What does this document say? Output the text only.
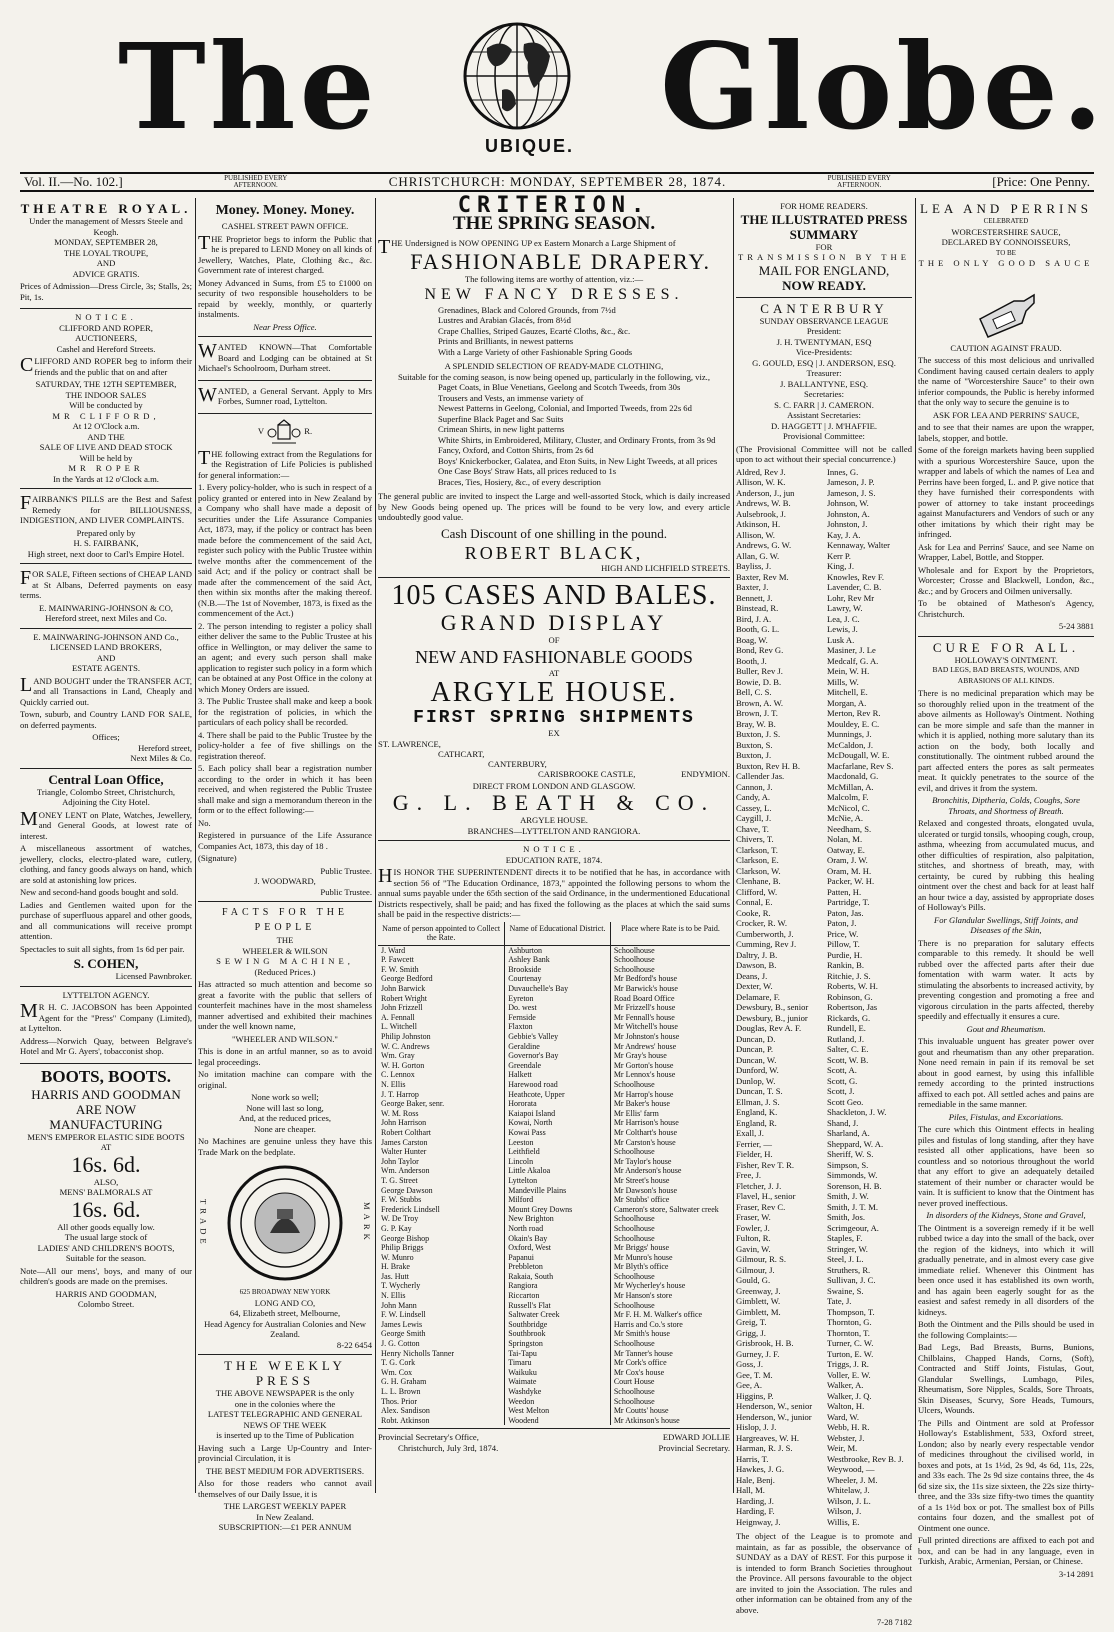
The	UBIQUE. Globe.
Vol. II.—No. 102.]	PUBLISHED EVERY AFTERNOON.	CHRISTCHURCH: MONDAY, SEPTEMBER 28, 1874.	PUBLISHED EVERY AFTERNOON.	[Price: One Penny.
THEATRE ROYAL.
Under the management of Messrs Steele and Keogh.
MONDAY, SEPTEMBER 28,
THE LOYAL TROUPE,
AND
ADVICE GRATIS.
Prices of Admission—Dress Circle, 3s; Stalls, 2s; Pit, 1s.
NOTICE.
CLIFFORD AND ROPER,
AUCTIONEERS,
Cashel and Hereford Streets.
CLIFFORD AND ROPER beg to inform their friends and the public that on and after
SATURDAY, THE 12TH SEPTEMBER,
THE INDOOR SALES
Will be conducted by
MR CLIFFORD,
At 12 O'Clock a.m.
AND THE
SALE OF LIVE AND DEAD STOCK
Will be held by
MR ROPER
In the Yards at 12 o'Clock a.m.
FAIRBANK'S PILLS are the Best and Safest Remedy for BILLIOUSNESS, INDIGESTION, AND LIVER COMPLAINTS.
Prepared only by
H. S. FAIRBANK,
High street, next door to Carl's Empire Hotel.
FOR SALE, Fifteen sections of CHEAP LAND at St Albans, Deferred payments on easy terms.
E. MAINWARING-JOHNSON & CO,
Hereford street, next Miles and Co.
E. MAINWARING-JOHNSON AND Co., LICENSED LAND BROKERS,
AND
ESTATE AGENTS.
LAND BOUGHT under the TRANSFER ACT, and all Transactions in Land, Cheaply and Quickly carried out.
Town, suburb, and Country LAND FOR SALE, on deferred payments.
Offices;
Hereford street,
Next Miles & Co.
Central Loan Office,
Triangle, Colombo Street, Christchurch,
Adjoining the City Hotel.
MONEY LENT on Plate, Watches, Jewellery, and General Goods, at lowest rate of interest.
A miscellaneous assortment of watches, jewellery, clocks, electro-plated ware, cutlery, clothing, and fancy goods always on hand, which are sold at astonishing low prices.
New and second-hand goods bought and sold.
Ladies and Gentlemen waited upon for the purchase of superfluous apparel and other goods, and all communications will receive prompt attention.
Spectacles to suit all sights, from 1s 6d per pair.
S. COHEN,
Licensed Pawnbroker.
LYTTELTON AGENCY.
MR H. C. JACOBSON has been Appointed Agent for the "Press" Company (Limited), at Lyttelton.
Address—Norwich Quay, between Belgrave's Hotel and Mr G. Ayers', tobacconist shop.
BOOTS, BOOTS.
HARRIS AND GOODMAN
ARE NOW MANUFACTURING
MEN'S EMPEROR ELASTIC SIDE BOOTS
AT
16s. 6d.
ALSO,
MENS' BALMORALS AT
16s. 6d.
All other goods equally low.
The usual large stock of
LADIES' AND CHILDREN'S BOOTS,
Suitable for the season.
Note—All our mens', boys, and many of our children's goods are made on the premises.
HARRIS AND GOODMAN,
Colombo Street.
Money. Money. Money.
CASHEL STREET PAWN OFFICE.
THE Proprietor begs to inform the Public that he is prepared to LEND Money on all kinds of Jewellery, Watches, Plate, Clothing &c., &c. Government rate of interest charged.
Money Advanced in Sums, from £5 to £1000 on security of two responsible householders to be repaid by weekly, monthly, or quarterly instalments.
Near Press Office.
WANTED KNOWN—That Comfortable Board and Lodging can be obtained at St Michael's Schoolroom, Durham street.
WANTED, a General Servant. Apply to Mrs Forbes, Sumner road, Lyttelton.
V	R.
THE following extract from the Regulations for the Registration of Life Policies is published for general information:—
1. Every policy-holder, who is such in respect of a policy granted or entered into in New Zealand by a Company who shall have made a deposit of securities under the Life Assurance Companies Act, 1873, may, if the policy or contract has been made before the commencement of the said Act, register such policy with the Public Trustee within twelve months after the commencement of the said Act; and if the policy or contract shall be made after the commencement of the said Act, then within six months after the making thereof. (N.B.—The 1st of November, 1873, is fixed as the commencement of the Act.)
2. The person intending to register a policy shall either deliver the same to the Public Trustee at his office in Wellington, or may deliver the same to an agent; and every such person shall make application to register such policy in a form which can be obtained at any Post Office in the colony at which Money Orders are issued.
3. The Public Trustee shall make and keep a book for the registration of policies, in which the particulars of each policy shall be recorded.
4. There shall be paid to the Public Trustee by the policy-holder a fee of five shillings on the registration thereof.
5. Each policy shall bear a registration number according to the order in which it has been received, and when registered the Public Trustee shall make and sign a memorandum thereon in the form or to the effect following:—
No.
Registered in pursuance of the Life Assurance Companies Act, 1873, this day of 18 .
(Signature)
Public Trustee.
J. WOODWARD,
Public Trustee.
FACTS FOR THE PEOPLE
THE
WHEELER & WILSON
SEWING MACHINE,
(Reduced Prices.)
Has attracted so much attention and become so great a favorite with the public that sellers of counterfeit machines have in the most shameless manner advertised and exhibited their machines under the well known name,
"WHEELER AND WILSON."
This is done in an artful manner, so as to avoid legal proceedings.
No imitation machine can compare with the original.
None work so well;
None will last so long,
And, at the reduced prices,
None are cheaper.
No Machines are genuine unless they have this Trade Mark on the bedplate.
TRADE	MARK
625 BROADWAY NEW YORK
LONG AND CO,
64, Elizabeth street, Melbourne,
Head Agency for Australian Colonies and New Zealand.
8-22 6454
THE WEEKLY PRESS
THE ABOVE NEWSPAPER is the only
one in the colonies where the
LATEST TELEGRAPHIC AND GENERAL
NEWS OF THE WEEK
is inserted up to the Time of Publication
Having such a Large Up-Country and Inter-provincial Circulation, it is
THE BEST MEDIUM FOR ADVERTISERS.
Also for those readers who cannot avail themselves of our Daily Issue, it is
THE LARGEST WEEKLY PAPER
In New Zealand.
SUBSCRIPTION:—£1 PER ANNUM
CRITERION.
THE SPRING SEASON.
THE Undersigned is NOW OPENING UP ex Eastern Monarch a Large Shipment of
FASHIONABLE DRAPERY.
The following items are worthy of attention, viz.:—
NEW FANCY DRESSES.
Grenadines, Black and Colored Grounds, from 7½d
Lustres and Arabian Glacés, from 8½d
Crape Challies, Striped Gauzes, Ecarté Cloths, &c., &c.
Prints and Brilliants, in newest patterns
With a Large Variety of other Fashionable Spring Goods
A SPLENDID SELECTION OF READY-MADE CLOTHING,
Suitable for the coming season, is now being opened up, particularly in the following, viz.,
Paget Coats, in Blue Venetians, Geelong and Scotch Tweeds, from 30s
Trousers and Vests, an immense variety of
Newest Patterns in Geelong, Colonial, and Imported Tweeds, from 22s 6d
Superfine Black Paget and Sac Suits
Crimean Shirts, in new light patterns
White Shirts, in Embroidered, Military, Cluster, and Ordinary Fronts, from 3s 9d
Fancy, Oxford, and Cotton Shirts, from 2s 6d
Boys' Knickerbocker, Galatea, and Eton Suits, in New Light Tweeds, at all prices
One Case Boys' Straw Hats, all prices reduced to 1s
Braces, Ties, Hosiery, &c., of every description
The general public are invited to inspect the Large and well-assorted Stock, which is daily increased by New Goods being opened up. The prices will be found to be very low, and every article undoubtedly good value.
Cash Discount of one shilling in the pound.
ROBERT BLACK,
HIGH AND LICHFIELD STREETS.
105 CASES AND BALES.
GRAND DISPLAY
OF
NEW AND FASHIONABLE GOODS
AT
ARGYLE HOUSE.
FIRST SPRING SHIPMENTS
EX
ST. LAWRENCE,
CATHCART,
CANTERBURY,
CARISBROOKE CASTLE,	ENDYMION.
DIRECT FROM LONDON AND GLASGOW.
G. L. BEATH & CO.
ARGYLE HOUSE.
BRANCHES—LYTTELTON AND RANGIORA.
NOTICE.
EDUCATION RATE, 1874.
HIS HONOR THE SUPERINTENDENT directs it to be notified that he has, in accordance with section 56 of "The Education Ordinance, 1873," appointed the following persons to whom the annual sums payable under the 65th section of the said Ordinance, in the undermentioned Educational Districts respectively, shall be paid; and has fixed the following as the places at which the said sums shall be paid in the respective districts:—
Name of person appointed to Collect the Rate.	Name of Educational District.	Place where Rate is to be Paid.
J. Ward	Ashburton	Schoolhouse
P. Fawcett	Ashley Bank	Schoolhouse
F. W. Smith	Brookside	Schoolhouse
George Bedford	Courtenay	Mr Bedford's house
John Barwick	Duvauchelle's Bay	Mr Barwick's house
Robert Wright	Eyreton	Road Board Office
John Frizzell	Do. west	Mr Frizzell's house
A. Fennall	Fernside	Mr Fennall's house
L. Witchell	Flaxton	Mr Witchell's house
Philip Johnston	Gebbie's Valley	Mr Johnston's house
W. C. Andrews	Geraldine	Mr Andrews' house
Wm. Gray	Governor's Bay	Mr Gray's house
W. H. Gorton	Greendale	Mr Gorton's house
C. Lennox	Halkett	Mr Lennox's house
N. Ellis	Harewood road	Schoolhouse
J. T. Harrop	Heathcote, Upper	Mr Harrop's house
George Baker, senr.	Hororata	Mr Baker's house
W. M. Ross	Kaiapoi Island	Mr Ellis' farm
John Harrison	Kowai, North	Mr Harrison's house
Robert Colthart	Kowai Pass	Mr Colthart's house
James Carston	Leeston	Mr Carston's house
Walter Hunter	Leithfield	Schoolhouse
John Taylor	Lincoln	Mr Taylor's house
Wm. Anderson	Little Akaloa	Mr Anderson's house
T. G. Street	Lyttelton	Mr Street's house
George Dawson	Mandeville Plains	Mr Dawson's house
F. W. Stubbs	Milford	Mr Stubbs' office
Frederick Lindsell	Mount Grey Downs	Cameron's store, Saltwater creek
W. De Troy	New Brighton	Schoolhouse
G. P. Kay	North road	Schoolhouse
George Bishop	Okain's Bay	Schoolhouse
Philip Briggs	Oxford, West	Mr Briggs' house
W. Munro	Papanui	Mr Munro's house
H. Brake	Prebbleton	Mr Blyth's office
Jas. Hutt	Rakaia, South	Schoolhouse
T. Wycherly	Rangiora	Mr Wycherley's house
N. Ellis	Riccarton	Mr Hanson's store
John Mann	Russell's Flat	Schoolhouse
F. W. Lindsell	Saltwater Creek	Mr F. H. M. Walker's office
James Lewis	Southbridge	Harris and Co.'s store
George Smith	Southbrook	Mr Smith's house
J. G. Cotton	Springston	Schoolhouse
Henry Nicholls Tanner	Tai-Tapu	Mr Tanner's house
T. G. Cork	Timaru	Mr Cork's office
Wm. Cox	Waikuku	Mr Cox's house
G. H. Graham	Waimate	Court House
L. L. Brown	Washdyke	Schoolhouse
Thos. Prior	Weedon	Schoolhouse
Alex. Sandison	West Melton	Mr Coutts' house
Robt. Atkinson	Woodend	Mr Atkinson's house
Provincial Secretary's Office,
Christchurch, July 3rd, 1874.
EDWARD JOLLIE
Provincial Secretary.
FOR HOME READERS.
THE ILLUSTRATED PRESS
SUMMARY
FOR
TRANSMISSION BY THE
MAIL FOR ENGLAND,
NOW READY.
CANTERBURY
SUNDAY OBSERVANCE LEAGUE
President:
J. H. TWENTYMAN, ESQ
Vice-Presidents:
G. GOULD, ESQ | J. ANDERSON, ESQ.
Treasurer:
J. BALLANTYNE, ESQ.
Secretaries:
S. C. FARR | J. CAMERON.
Assistant Secretaries:
D. HAGGETT | J. M'HAFFIE.
Provisional Committee:
(The Provisional Committee will not be called upon to act without their special concurrence.)
Aldred, Rev J.	Innes, G.
Allison, W. K.	Jameson, J. P.
Anderson, J., jun	Jameson, J. S.
Andrews, W. B.	Johnson, W.
Aulsebrook, J.	Johnston, A.
Atkinson, H.	Johnston, J.
Allison, W.	Kay, J. A.
Andrews, G. W.	Kennaway, Walter
Allan, G. W.	Kerr P.
Bayliss, J.	King, J.
Baxter, Rev M.	Knowles, Rev F.
Baxter, J.	Lavender, C. B.
Bennett, J.	Lohr, Rev Mr
Binstead, R.	Lawry, W.
Bird, J. A.	Lea, J. C.
Booth, G. L.	Lewis, J.
Boag, W.	Lusk A.
Bond, Rev G.	Masiner, J. Le
Booth, J.	Medcalf, G. A.
Buller, Rev J.	Mein, W. H.
Bowie, D. B.	Mills, W.
Bell, C. S.	Mitchell, E.
Brown, A. W.	Morgan, A.
Brown, J. T.	Merton, Rev R.
Bray, W. B.	Mouldey, E. C.
Buxton, J. S.	Munnings, J.
Buxton, S.	McCaldon, J.
Buxton, J.	McDougall, W. E.
Buxton, Rev H. B.	Macfarlane, Rev S.
Callender Jas.	Macdonald, G.
Cannon, J.	McMillan, A.
Candy, A.	Malcolm, F.
Cassey, L.	McNicol, C.
Caygill, J.	McNie, A.
Chave, T.	Needham, S.
Chivers, T.	Nolan, M.
Clarkson, T.	Oatway, E.
Clarkson, E.	Oram, J. W.
Clarkson, W.	Oram, M. H.
Clenhane, B.	Packer, W. H.
Clifford, W.	Patten, H.
Connal, E.	Partridge, T.
Cooke, R.	Paton, Jas.
Crocker, R. W.	Paton, J.
Cumberworth, J.	Price, W.
Cumming, Rev J.	Pillow, T.
Daltry, J. B.	Purdie, H.
Dawson, B.	Rankin, B.
Deans, J.	Ritchie, J. S.
Dexter, W.	Roberts, W. H.
Delamare, F.	Robinson, G.
Dewsbury, B., senior	Robertson, Jas
Dewsbury, B., junior	Rickards, G.
Douglas, Rev A. F.	Rundell, E.
Duncan, D.	Rutland, J.
Duncan, P.	Salter, C. E.
Duncan, W.	Scott, W. B.
Dunford, W.	Scott, A.
Dunlop, W.	Scott, G.
Duncan, T. S.	Scott, J.
Ellman, J. S.	Scott Geo.
England, K.	Shackleton, J. W.
England, R.	Shand, J.
Exall, J.	Sharland, A.
Ferrier, —	Sheppard, W. A.
Fielder, H.	Sheriff, W. S.
Fisher, Rev T. R.	Simpson, S.
Free, J.	Simmonds, W.
Fletcher, J. J.	Sorenson, H. B.
Flavel, H., senior	Smith, J. W.
Fraser, Rev C.	Smith, J. T. M.
Fraser, W.	Smith, Jos.
Fowler, J.	Scrimgeour, A.
Fulton, R.	Staples, F.
Gavin, W.	Stringer, W.
Gilmour, R. S.	Steel, J. L.
Gilmour, J.	Struthers, R.
Gould, G.	Sullivan, J. C.
Greenway, J.	Swaine, S.
Gimblett, W.	Tate, J.
Gimblett, M.	Thompson, T.
Greig, T.	Thornton, G.
Grigg, J.	Thornton, T.
Grisbrook, H. B.	Turner, C. W.
Gurney, J. F.	Turton, E. W.
Goss, J.	Triggs, J. R.
Gee, T. M.	Voller, E. W.
Gee, A.	Walker, A.
Higgins, P.	Walker, J. Q.
Henderson, W., senior	Walton, H.
Henderson, W., junior	Ward, W.
Hislop, J. J.	Webb, H. R.
Hargreaves, W. H.	Webster, J.
Harman, R. J. S.	Weir, M.
Harris, T.	Westbrooke, Rev B. J.
Hawkes, J. G.	Weywood, —
Hale, Benj.	Wheeler, J. M.
Hall, M.	Whitelaw, J.
Harding, J.	Wilson, J. L.
Harding, F.	Wilson, J.
Heignway, J.	Willis, E.
The object of the League is to promote and maintain, as far as possible, the observance of SUNDAY as a DAY of REST. For this purpose it is intended to form Branch Societies throughout the Province. All persons favourable to the object are invited to join the Association. The rules and other information can be obtained from any of the above.
7-28 7182
LEA AND PERRINS
CELEBRATED
WORCESTERSHIRE SAUCE,
DECLARED BY CONNOISSEURS,
TO BE
THE ONLY GOOD SAUCE
CAUTION AGAINST FRAUD.
The success of this most delicious and unrivalled Condiment having caused certain dealers to apply the name of "Worcestershire Sauce" to their own inferior compounds, the Public is hereby informed that the only way to secure the genuine is to
ASK FOR LEA AND PERRINS' SAUCE,
and to see that their names are upon the wrapper, labels, stopper, and bottle.
Some of the foreign markets having been supplied with a spurious Worcestershire Sauce, upon the wrapper and labels of which the names of Lea and Perrins have been forged, L. and P. give notice that they have furnished their correspondents with power of attorney to take instant proceedings against Manufacturers and Vendors of such or any other imitations by which their right may be infringed.
Ask for Lea and Perrins' Sauce, and see Name on Wrapper, Label, Bottle, and Stopper.
Wholesale and for Export by the Proprietors, Worcester; Crosse and Blackwell, London, &c., &c.; and by Grocers and Oilmen universally.
To be obtained of Matheson's Agency, Christchurch.
5-24 3881
CURE FOR ALL.
HOLLOWAY'S OINTMENT.
BAD LEGS, BAD BREASTS, WOUNDS, AND ABRASIONS OF ALL KINDS.
There is no medicinal preparation which may be so thoroughly relied upon in the treatment of the above ailments as Holloway's Ointment. Nothing can be more simple and safe than the manner in which it is applied, nothing more salutary than its action on the body, both locally and constitutionally. The ointment rubbed around the part affected enters the pores as salt permeates meat. It quickly penetrates to the source of the evil, and drives it from the system.
Bronchitis, Diptheria, Colds, Coughs, Sore Throats, and Shortness of Breath.
Relaxed and congested throats, elongated uvula, ulcerated or turgid tonsils, whooping cough, croup, asthma, wheezing from accumulated mucus, and other difficulties of respiration, also palpitation, stitches, and shortness of breath, may, with certainty, be cured by rubbing this healing ointment over the chest and back for at least half an hour twice a day, assisted by appropriate doses of Holloway's Pills.
For Glandular Swellings, Stiff Joints, and Diseases of the Skin,
There is no preparation for salutary effects comparable to this remedy. It should be well rubbed over the affected parts after their due fomentation with warm water. It acts by stimulating the absorbents to increased activity, by preventing congestion and promoting a free and vigorous circulation in the parts affected, thereby speedily and effectually it ensures a cure.
Gout and Rheumatism.
This invaluable unguent has greater power over gout and rheumatism than any other preparation. None need remain in pain if its removal be set about in good earnest, by using this infallible remedy according to the printed instructions affixed to each pot. All settled aches and pains are remediable in the same manner.
Piles, Fistulas, and Excoriations.
The cure which this Ointment effects in healing piles and fistulas of long standing, after they have resisted all other applications, have been so countless and so notorious throughout the world that any effort to give an adequately detailed statement of their number or character would be vain. It is sufficient to know that the Ointment has never proved ineffectious.
In disorders of the Kidneys, Stone and Gravel,
The Ointment is a sovereign remedy if it be well rubbed twice a day into the small of the back, over the region of the kidneys, into which it will gradually penetrate, and in almost every case give immediate relief. Whenever this Ointment has been once used it has established its own worth, and has again been eagerly sought for as the easiest and safest remedy in all disorders of the kidneys.
Both the Ointment and the Pills should be used in the following Complaints:—
Bad Legs, Bad Breasts, Burns, Bunions, Chilblains, Chapped Hands, Corns, (Soft), Contracted and Stiff Joints, Fistulas, Gout, Glandular Swellings, Lumbago, Piles, Rheumatism, Sore Nipples, Scalds, Sore Throats, Skin Diseases, Scurvy, Sore Heads, Tumours, Ulcers, Wounds.
The Pills and Ointment are sold at Professor Holloway's Establishment, 533, Oxford street, London; also by nearly every respectable vendor of medicines throughout the civilised world, in boxes and pots, at 1s 1½d, 2s 9d, 4s 6d, 11s, 22s, and 33s each. The 2s 9d size contains three, the 4s 6d size six, the 11s size sixteen, the 22s size thirty-three, and the 33s size fifty-two times the quantity of a 1s 1½d box or pot. The smallest box of Pills contains four dozen, and the smallest pot of Ointment one ounce.
Full printed directions are affixed to each pot and box, and can be had in any language, even in Turkish, Arabic, Armenian, Persian, or Chinese.
3-14 2891
